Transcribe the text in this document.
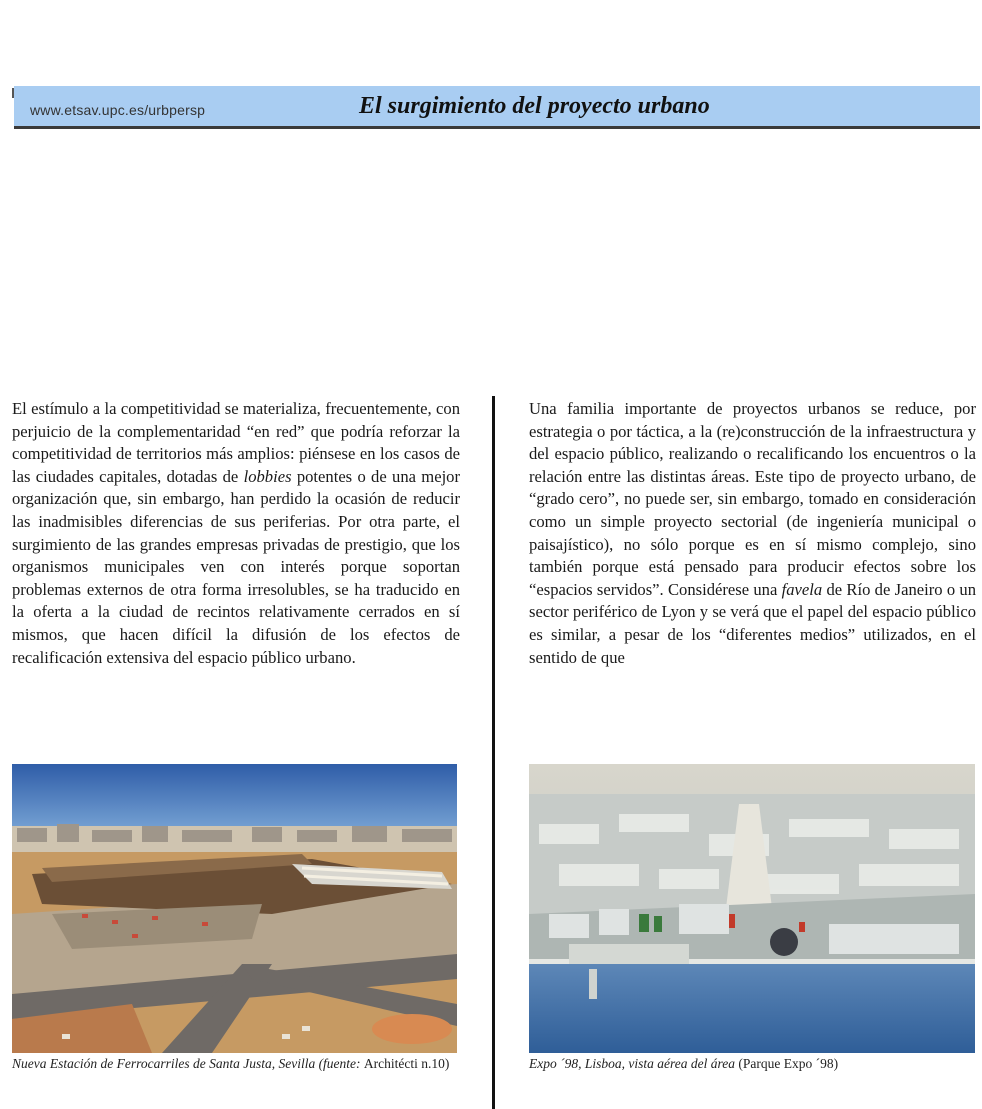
www.etsav.upc.es/urbpersp	El surgimiento del proyecto urbano

El estímulo a la competitividad se materializa, frecuentemente, con perjuicio de la complementaridad “en red” que podría reforzar la competitividad de territorios más amplios: piénsese en los casos de las ciudades capitales, dotadas de lobbies potentes o de una mejor organización que, sin embargo, han perdido la ocasión de reducir las inadmisibles diferencias de sus periferias. Por otra parte, el surgimiento de las grandes empresas privadas de prestigio, que los organismos municipales ven con interés porque soportan problemas externos de otra forma irresolubles, se ha traducido en la oferta a la ciudad de recintos relativamente cerrados en sí mismos, que hacen difícil la difusión de los efectos de recalificación extensiva del espacio público urbano.

Una familia importante de proyectos urbanos se reduce, por estrategia o por táctica, a la (re)construcción de la infraestructura y del espacio público, realizando o recalificando los encuentros o la relación entre las distintas áreas. Este tipo de proyecto urbano, de “grado cero”, no puede ser, sin embargo, tomado en consideración como un simple proyecto sectorial (de ingeniería municipal o paisajístico), no sólo porque es en sí mismo complejo, sino también porque está pensado para producir efectos sobre los “espacios servidos”. Considérese una favela de Río de Janeiro o un sector periférico de Lyon y se verá que el papel del espacio público es similar, a pesar de los “diferentes medios” utilizados, en el sentido de que

Nueva Estación de Ferrocarriles de Santa Justa, Sevilla (fuente: Architécti n.10)	Expo ´98, Lisboa, vista aérea del área (Parque Expo ´98)
